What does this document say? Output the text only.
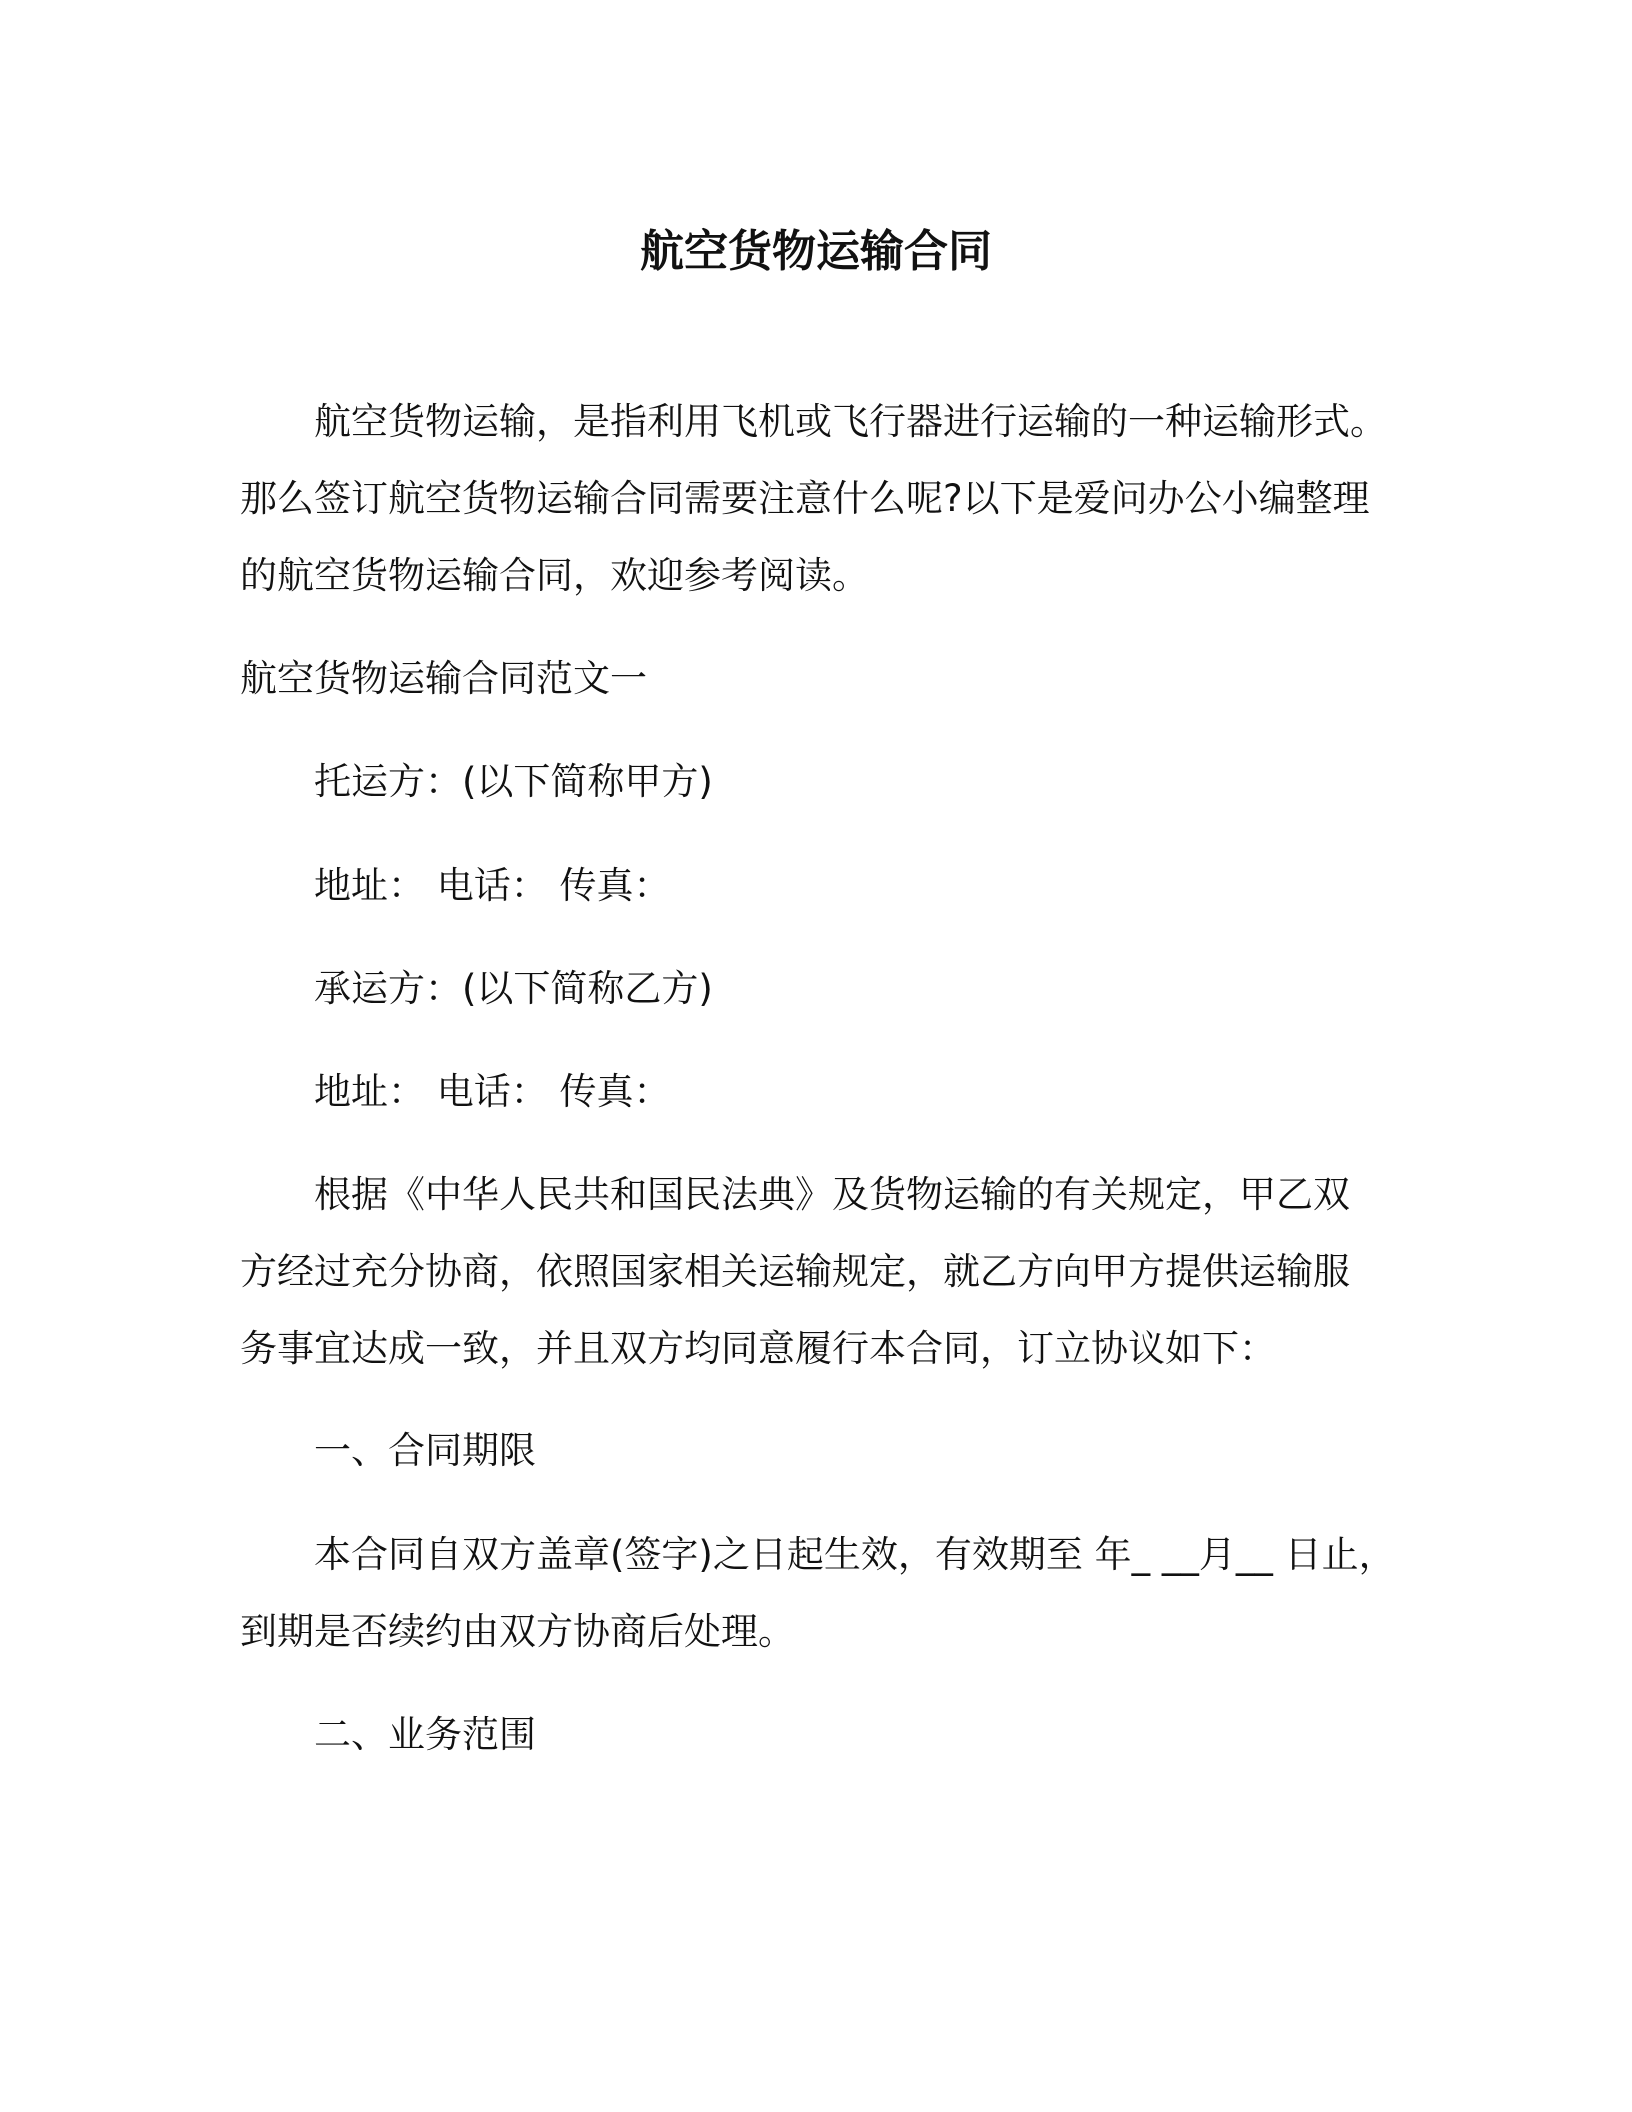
航空货物运输合同

航空货物运输，是指利用飞机或飞行器进行运输的一种运输形式。

那么签订航空货物运输合同需要注意什么呢?以下是爱问办公小编整理

的航空货物运输合同，欢迎参考阅读。

航空货物运输合同范文一

托运方：(以下简称甲方)

地址： 电话： 传真：

承运方：(以下简称乙方)

地址： 电话： 传真：

根据《中华人民共和国民法典》及货物运输的有关规定，甲乙双

方经过充分协商，依照国家相关运输规定，就乙方向甲方提供运输服

务事宜达成一致，并且双方均同意履行本合同，订立协议如下：

一、合同期限

本合同自双方盖章(签字)之日起生效，有效期至 年_ __月__ 日止，

到期是否续约由双方协商后处理。

二、业务范围
